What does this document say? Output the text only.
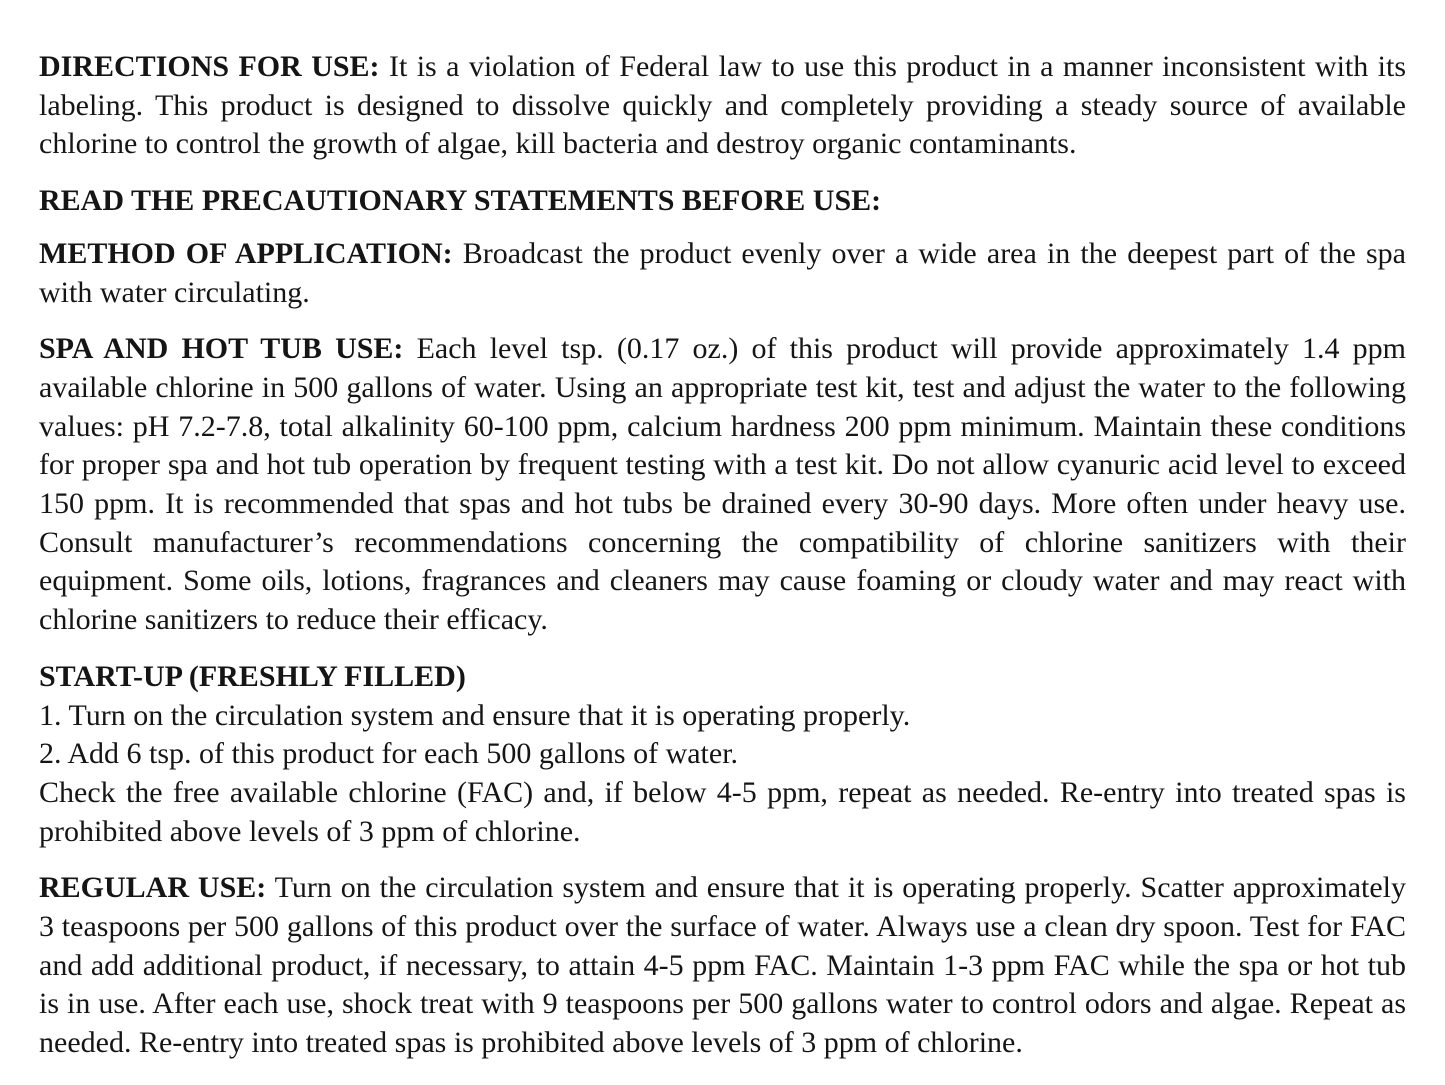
DIRECTIONS FOR USE: It is a violation of Federal law to use this product in a manner inconsistent with its labeling. This product is designed to dissolve quickly and completely providing a steady source of available chlorine to control the growth of algae, kill bacteria and destroy organic contaminants.

READ THE PRECAUTIONARY STATEMENTS BEFORE USE:

METHOD OF APPLICATION: Broadcast the product evenly over a wide area in the deepest part of the spa with water circulating.

SPA AND HOT TUB USE: Each level tsp. (0.17 oz.) of this product will provide approximately 1.4 ppm available chlorine in 500 gallons of water. Using an appropriate test kit, test and adjust the water to the following values: pH 7.2-7.8, total alkalinity 60-100 ppm, calcium hardness 200 ppm minimum. Maintain these conditions for proper spa and hot tub operation by frequent testing with a test kit. Do not allow cyanuric acid level to exceed 150 ppm. It is recommended that spas and hot tubs be drained every 30-90 days. More often under heavy use. Consult manufacturer’s recommendations concerning the compatibility of chlorine sanitizers with their equipment. Some oils, lotions, fragrances and cleaners may cause foaming or cloudy water and may react with chlorine sanitizers to reduce their efficacy.

START-UP (FRESHLY FILLED)
1. Turn on the circulation system and ensure that it is operating properly.
2. Add 6 tsp. of this product for each 500 gallons of water.
Check the free available chlorine (FAC) and, if below 4-5 ppm, repeat as needed. Re-entry into treated spas is prohibited above levels of 3 ppm of chlorine.

REGULAR USE: Turn on the circulation system and ensure that it is operating properly. Scatter approximately 3 teaspoons per 500 gallons of this product over the surface of water. Always use a clean dry spoon. Test for FAC and add additional product, if necessary, to attain 4-5 ppm FAC. Maintain 1-3 ppm FAC while the spa or hot tub is in use. After each use, shock treat with 9 teaspoons per 500 gallons water to control odors and algae. Repeat as needed. Re-entry into treated spas is prohibited above levels of 3 ppm of chlorine.
